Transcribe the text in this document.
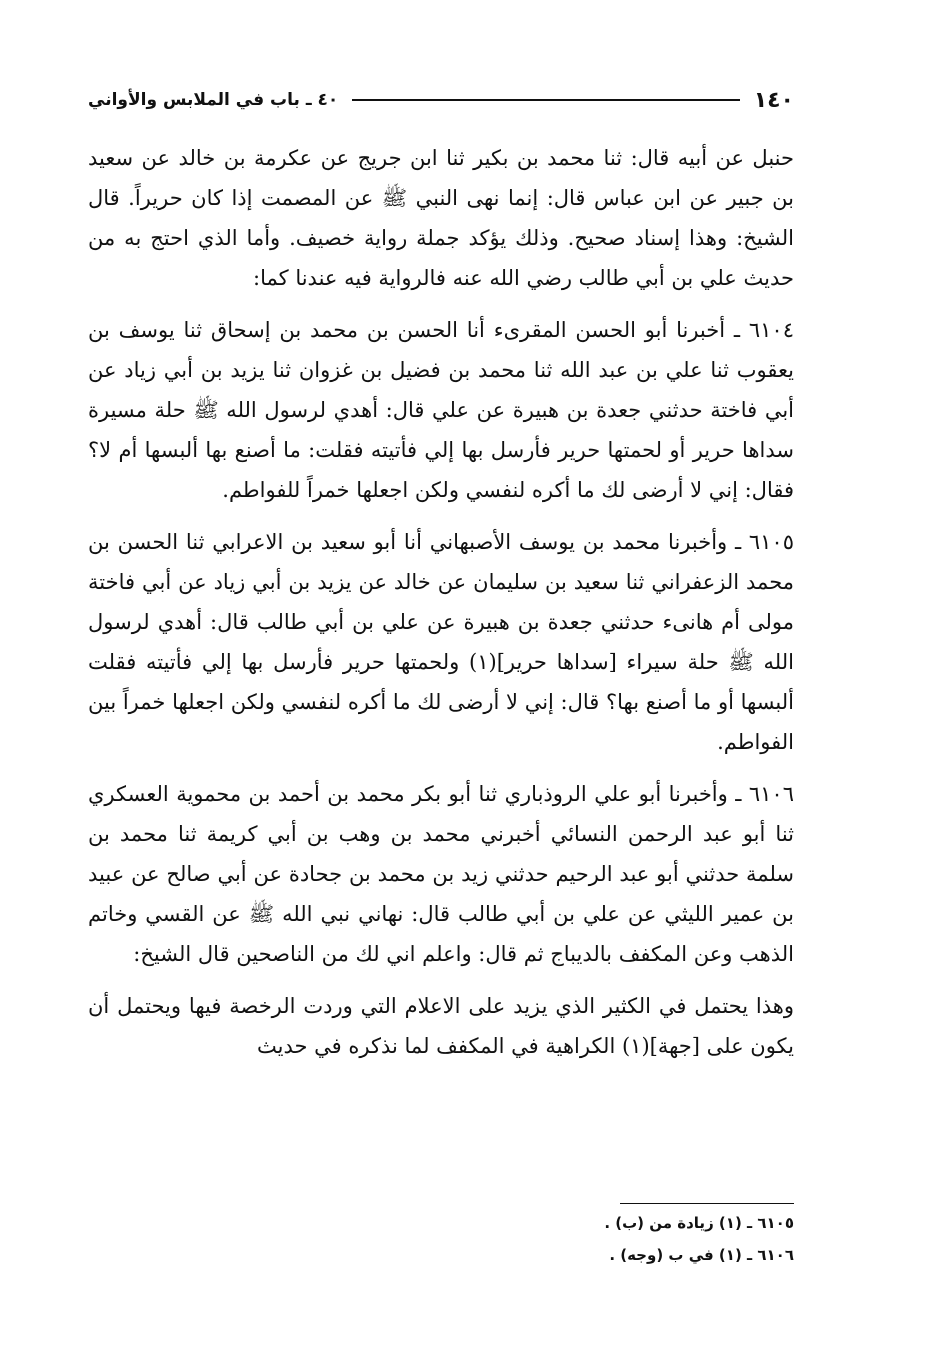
١٤٠
٤٠ ـ باب في الملابس والأواني

حنبل عن أبيه قال: ثنا محمد بن بكير ثنا ابن جريج عن عكرمة بن خالد عن سعيد بن جبير عن ابن عباس قال: إنما نهى النبي ﷺ عن المصمت إذا كان حريراً. قال الشيخ: وهذا إسناد صحيح. وذلك يؤكد جملة رواية خصيف. وأما الذي احتج به من حديث علي بن أبي طالب رضي الله عنه فالرواية فيه عندنا كما:

٦١٠٤ ـ أخبرنا أبو الحسن المقرىء أنا الحسن بن محمد بن إسحاق ثنا يوسف بن يعقوب ثنا علي بن عبد الله ثنا محمد بن فضيل بن غزوان ثنا يزيد بن أبي زياد عن أبي فاختة حدثني جعدة بن هبيرة عن علي قال: أهدي لرسول الله ﷺ حلة مسيرة سداها حرير أو لحمتها حرير فأرسل بها إلي فأتيته فقلت: ما أصنع بها ألبسها أم لا؟ فقال: إني لا أرضى لك ما أكره لنفسي ولكن اجعلها خمراً للفواطم.

٦١٠٥ ـ وأخبرنا محمد بن يوسف الأصبهاني أنا أبو سعيد بن الاعرابي ثنا الحسن بن محمد الزعفراني ثنا سعيد بن سليمان عن خالد عن يزيد بن أبي زياد عن أبي فاختة مولى أم هانىء حدثني جعدة بن هبيرة عن علي بن أبي طالب قال: أهدي لرسول الله ﷺ حلة سيراء [سداها حرير](١) ولحمتها حرير فأرسل بها إلي فأتيته فقلت ألبسها أو ما أصنع بها؟ قال: إني لا أرضى لك ما أكره لنفسي ولكن اجعلها خمراً بين الفواطم.

٦١٠٦ ـ وأخبرنا أبو علي الروذباري ثنا أبو بكر محمد بن أحمد بن محموية العسكري ثنا أبو عبد الرحمن النسائي أخبرني محمد بن وهب بن أبي كريمة ثنا محمد بن سلمة حدثني أبو عبد الرحيم حدثني زيد بن محمد بن جحادة عن أبي صالح عن عبيد بن عمير الليثي عن علي بن أبي طالب قال: نهاني نبي الله ﷺ عن القسي وخاتم الذهب وعن المكفف بالديباج ثم قال: واعلم اني لك من الناصحين قال الشيخ:

وهذا يحتمل في الكثير الذي يزيد على الاعلام التي وردت الرخصة فيها ويحتمل أن يكون على [جهة](١) الكراهية في المكفف لما نذكره في حديث

٦١٠٥ ـ (١) زيادة من (ب) .

٦١٠٦ ـ (١) في ب (وجه) .
